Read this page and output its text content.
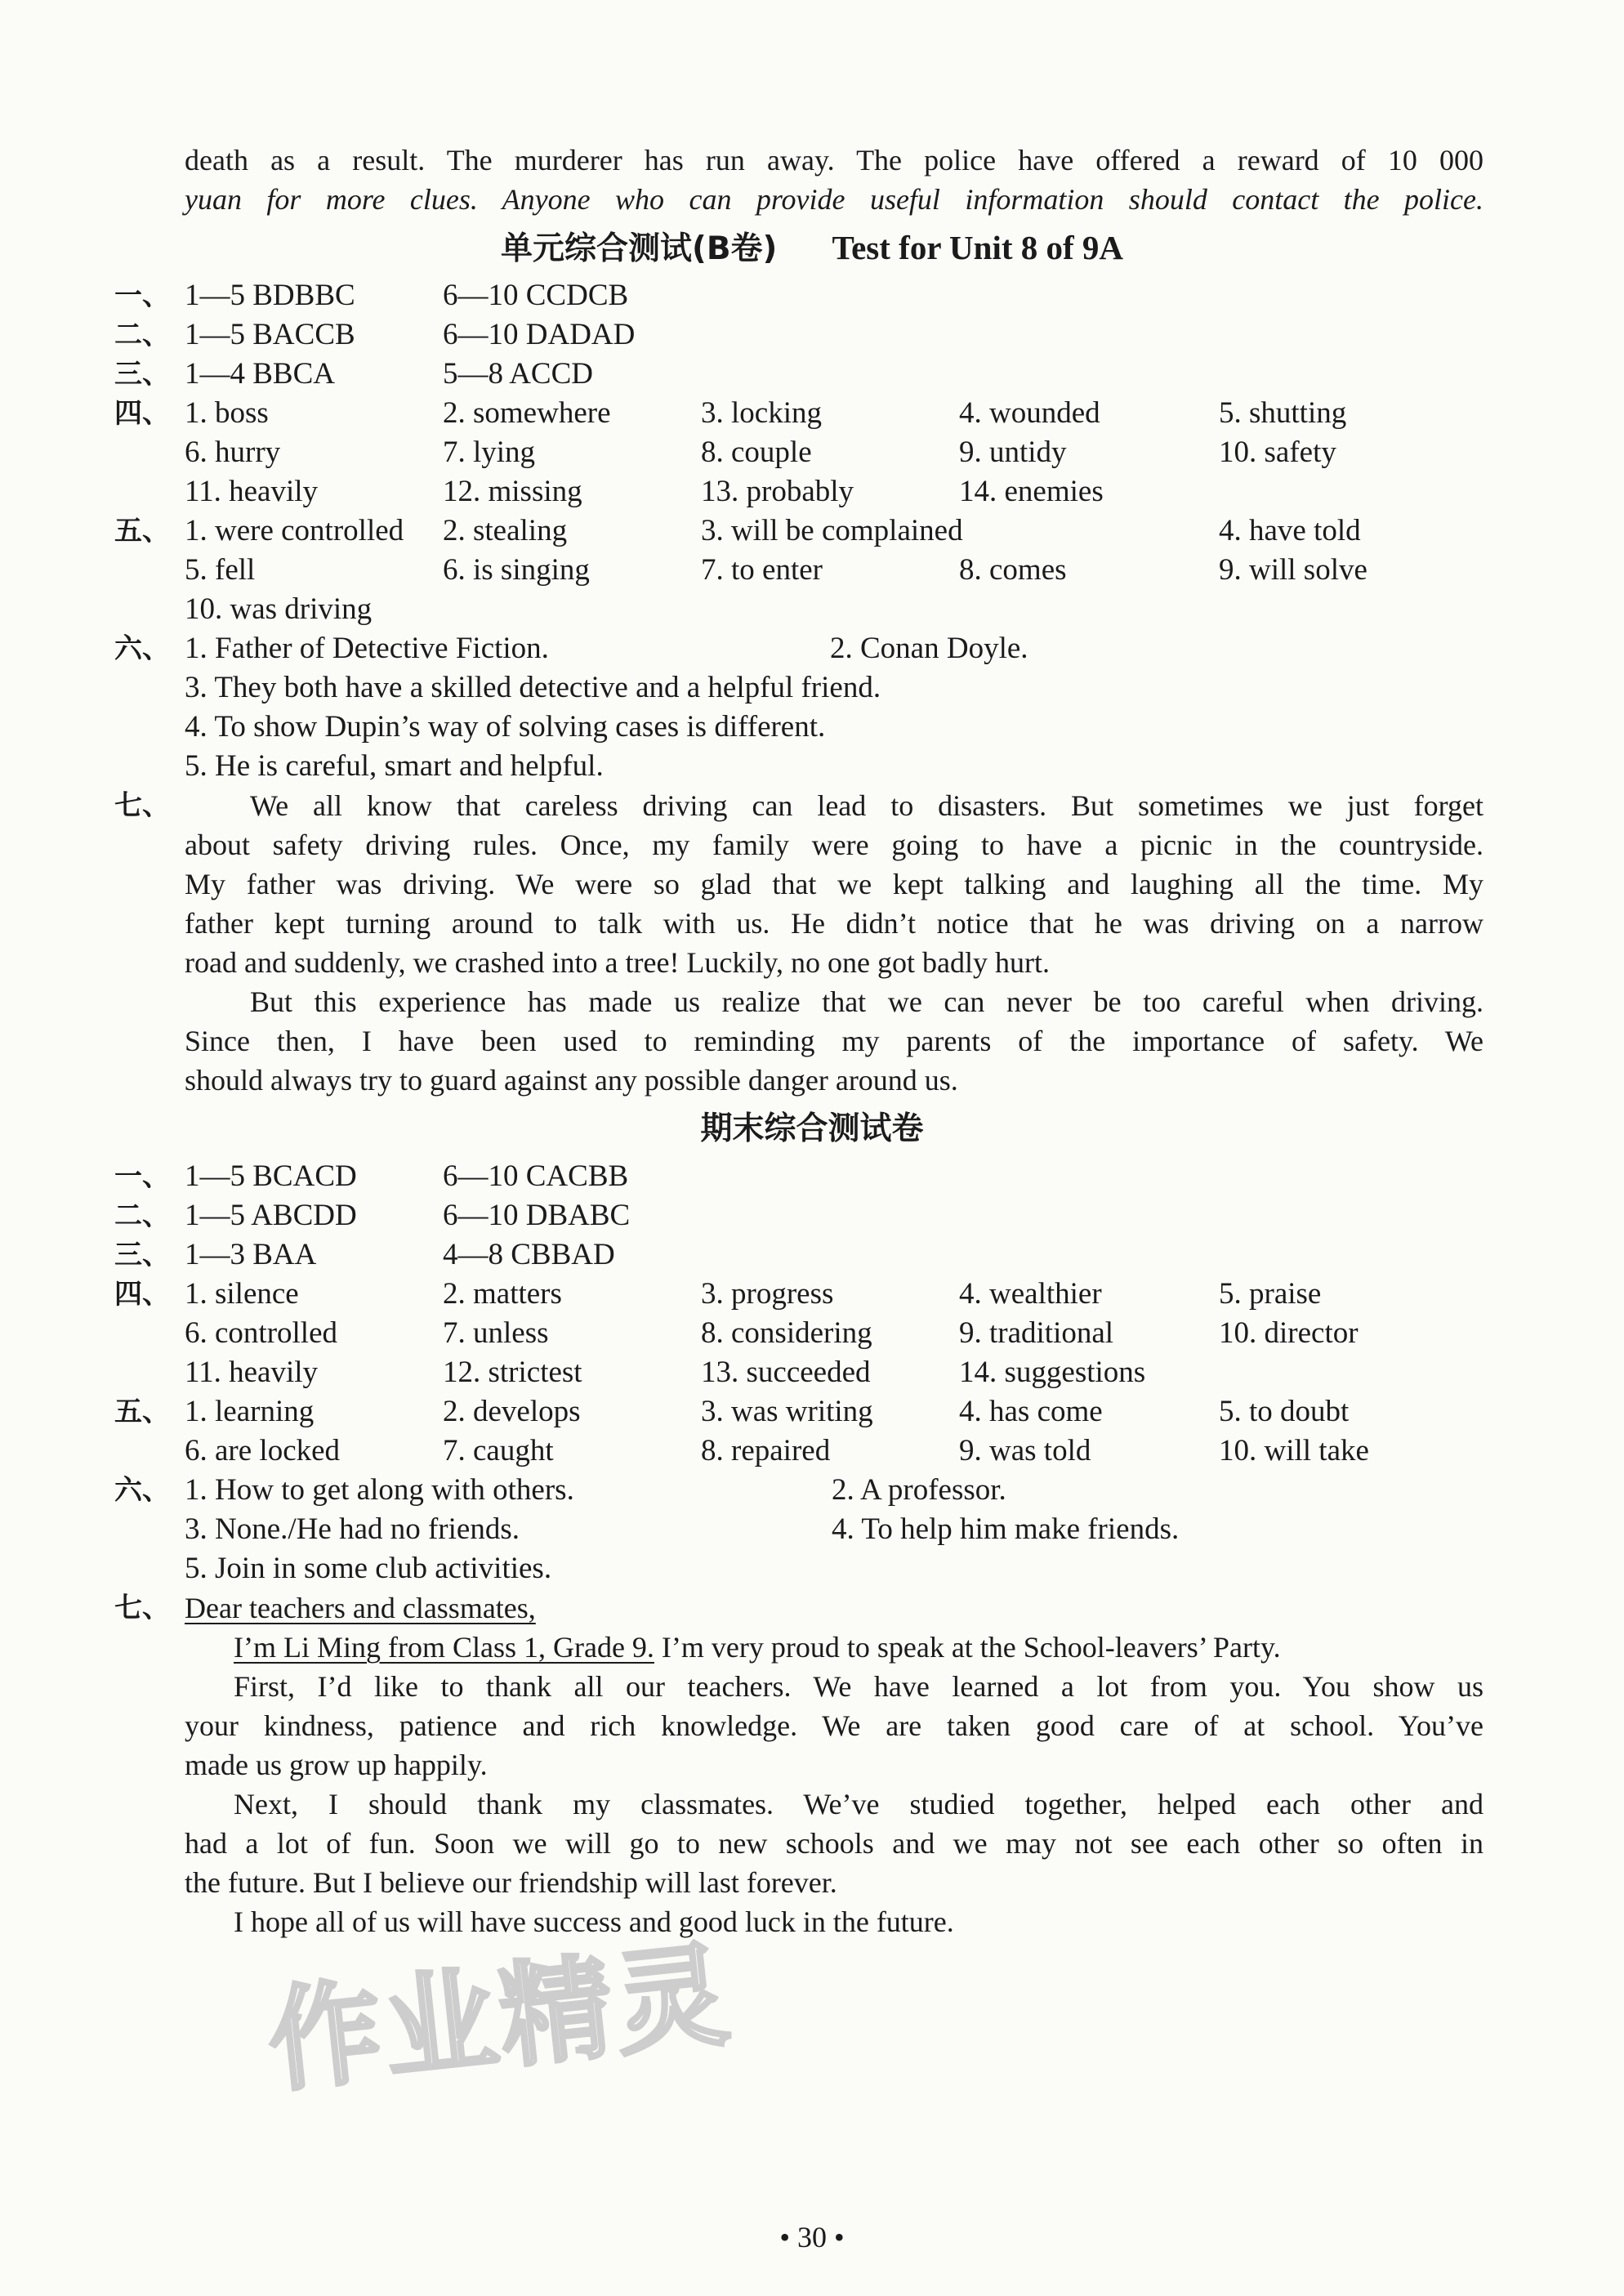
death as a result. The murderer has run away. The police have offered a reward of 10 000
yuan for more clues. Anyone who can provide useful information should contact the police.
单元综合测试(B卷) Test for Unit 8 of 9A
一、 1—5 BDBBC	6—10 CCDCB
二、 1—5 BACCB	6—10 DADAD
三、 1—4 BBCA	5—8 ACCD
四、 1. boss	2. somewhere	3. locking	4. wounded	5. shutting
6. hurry	7. lying	8. couple	9. untidy	10. safety
11. heavily	12. missing	13. probably	14. enemies
五、 1. were controlled 2. stealing	3. will be complained	4. have told
5. fell	6. is singing	7. to enter	8. comes	9. will solve
10. was driving
六、 1. Father of Detective Fiction.	2. Conan Doyle.
3. They both have a skilled detective and a helpful friend.
4. To show Dupin’s way of solving cases is different.
5. He is careful, smart and helpful.
七、	We all know that careless driving can lead to disasters. But sometimes we just forget
about safety driving rules. Once, my family were going to have a picnic in the countryside.
My father was driving. We were so glad that we kept talking and laughing all the time. My
father kept turning around to talk with us. He didn’t notice that he was driving on a narrow
road and suddenly, we crashed into a tree! Luckily, no one got badly hurt.
But this experience has made us realize that we can never be too careful when driving.
Since then, I have been used to reminding my parents of the importance of safety. We
should always try to guard against any possible danger around us.
期末综合测试卷
一、 1—5 BCACD	6—10 CACBB
二、 1—5 ABCDD	6—10 DBABC
三、 1—3 BAA	4—8 CBBAD
四、 1. silence	2. matters	3. progress	4. wealthier	5. praise
6. controlled	7. unless	8. considering	9. traditional	10. director
11. heavily	12. strictest	13. succeeded	14. suggestions
五、 1. learning	2. develops	3. was writing	4. has come	5. to doubt
6. are locked	7. caught	8. repaired	9. was told	10. will take
六、 1. How to get along with others.	2. A professor.
3. None./He had no friends.	4. To help him make friends.
5. Join in some club activities.
七、 Dear teachers and classmates,
I’m Li Ming from Class 1, Grade 9. I’m very proud to speak at the School-leavers’ Party.
First, I’d like to thank all our teachers. We have learned a lot from you. You show us
your kindness, patience and rich knowledge. We are taken good care of at school. You’ve
made us grow up happily.
Next, I should thank my classmates. We’ve studied together, helped each other and
had a lot of fun. Soon we will go to new schools and we may not see each other so often in
the future. But I believe our friendship will last forever.
I hope all of us will have success and good luck in the future.
作业精灵
• 30 •
